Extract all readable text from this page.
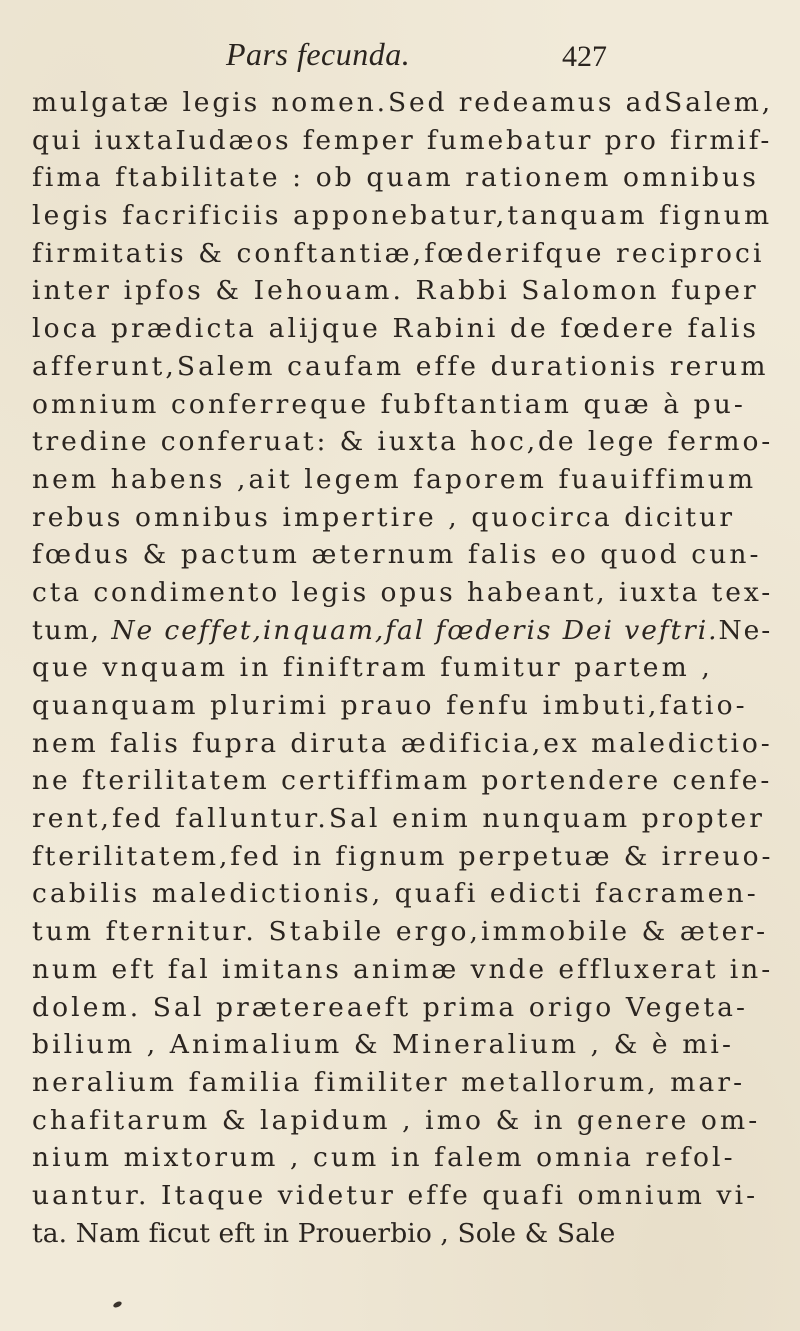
Pars fecunda.	427
mulgatæ legis nomen.Sed redeamus adSalem,
qui iuxtaIudæos femper fumebatur pro firmif-
fima ftabilitate : ob quam rationem omnibus
legis facrificiis apponebatur,tanquam fignum
firmitatis & conftantiæ,fœderifque reciproci
inter ipfos & Iehouam. Rabbi Salomon fuper
loca prædicta alijque Rabini de fœdere falis
afferunt,Salem caufam effe durationis rerum
omnium conferreque fubftantiam quæ à pu-
tredine conferuat: & iuxta hoc,de lege fermo-
nem habens ,ait legem faporem fuauiffimum
rebus omnibus impertire , quocirca dicitur
fœdus & pactum æternum falis eo quod cun-
cta condimento legis opus habeant, iuxta tex-
tum, Ne ceffet,inquam,fal fœderis Dei veftri.Ne-
que vnquam in finiftram fumitur partem ,
quanquam plurimi prauo fenfu imbuti,fatio-
nem falis fupra diruta ædificia,ex maledictio-
ne fterilitatem certiffimam portendere cenfe-
rent,fed falluntur.Sal enim nunquam propter
fterilitatem,fed in fignum perpetuæ & irreuo-
cabilis maledictionis, quafi edicti facramen-
tum fternitur. Stabile ergo,immobile & æter-
num eft fal imitans animæ vnde effluxerat in-
dolem. Sal prætereaeft prima origo Vegeta-
bilium , Animalium & Mineralium , & è mi-
neralium familia fimiliter metallorum, mar-
chafitarum & lapidum , imo & in genere om-
nium mixtorum , cum in falem omnia refol-
uantur. Itaque videtur effe quafi omnium vi-
ta. Nam ficut eft in Prouerbio , Sole & Sale
